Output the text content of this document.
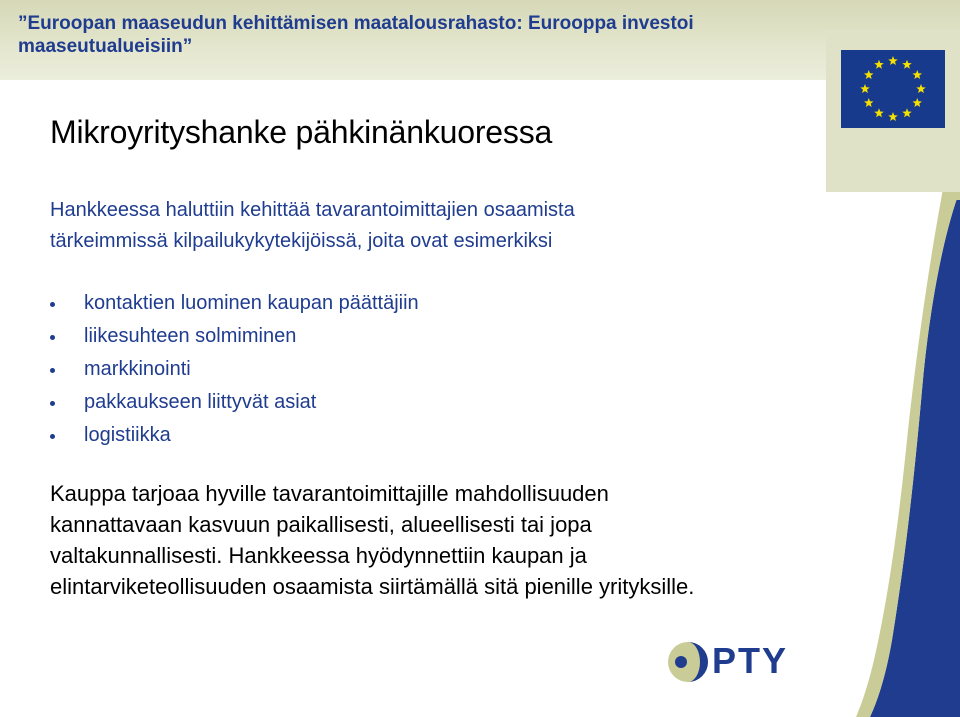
”Euroopan maaseudun kehittämisen maatalousrahasto: Eurooppa investoi maaseutualueisiin”
Mikroyrityshanke pähkinänkuoressa
Hankkeessa haluttiin kehittää tavarantoimittajien osaamista
tärkeimmissä kilpailukykytekijöissä, joita ovat esimerkiksi
kontaktien luominen kaupan päättäjiin
liikesuhteen solmiminen
markkinointi
pakkaukseen liittyvät asiat
logistiikka
Kauppa tarjoaa hyville tavarantoimittajille mahdollisuuden
kannattavaan kasvuun paikallisesti, alueellisesti tai jopa
valtakunnallisesti. Hankkeessa hyödynnettiin kaupan ja
elintarviketeollisuuden osaamista siirtämällä sitä pienille yrityksille.
PTY
